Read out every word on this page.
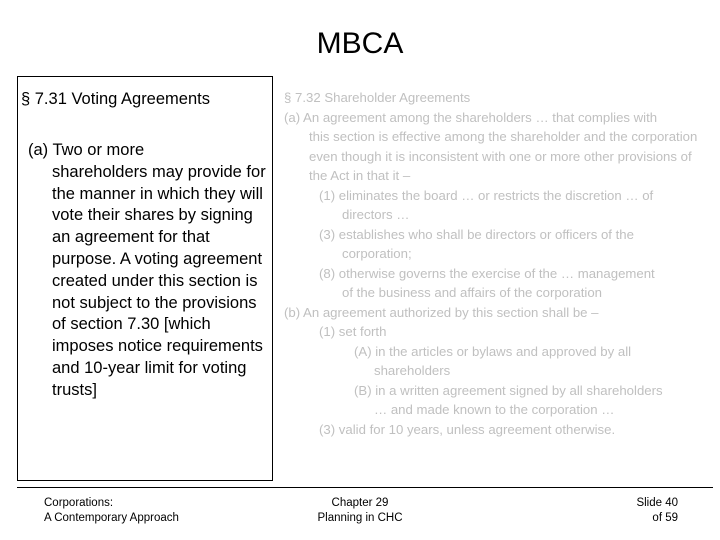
MBCA
§ 7.31 Voting Agreements
(a) Two or more
shareholders may provide for the manner in which they will vote their shares by signing an agreement for that purpose. A voting agreement created under this section is not subject to the provisions of section 7.30 [which imposes notice requirements and 10-year limit for voting trusts]
§ 7.32 Shareholder Agreements
(a) An agreement among the shareholders … that complies with
this section is effective among the shareholder and the corporation even though it is inconsistent with one or more other provisions of the Act in that it –
(1) eliminates the board … or restricts the discretion … of
directors …
(3) establishes who shall be directors or officers of the
corporation;
(8) otherwise governs the exercise of the … management
of the business and affairs of the corporation
(b) An agreement authorized by this section shall be –
(1) set forth
(A) in the articles or bylaws and approved by all
shareholders
(B) in a written agreement signed by all shareholders
… and made known to the corporation …
(3) valid for 10 years, unless agreement otherwise.
Corporations:
A Contemporary Approach
Chapter 29
Planning in CHC
Slide 40
of 59
